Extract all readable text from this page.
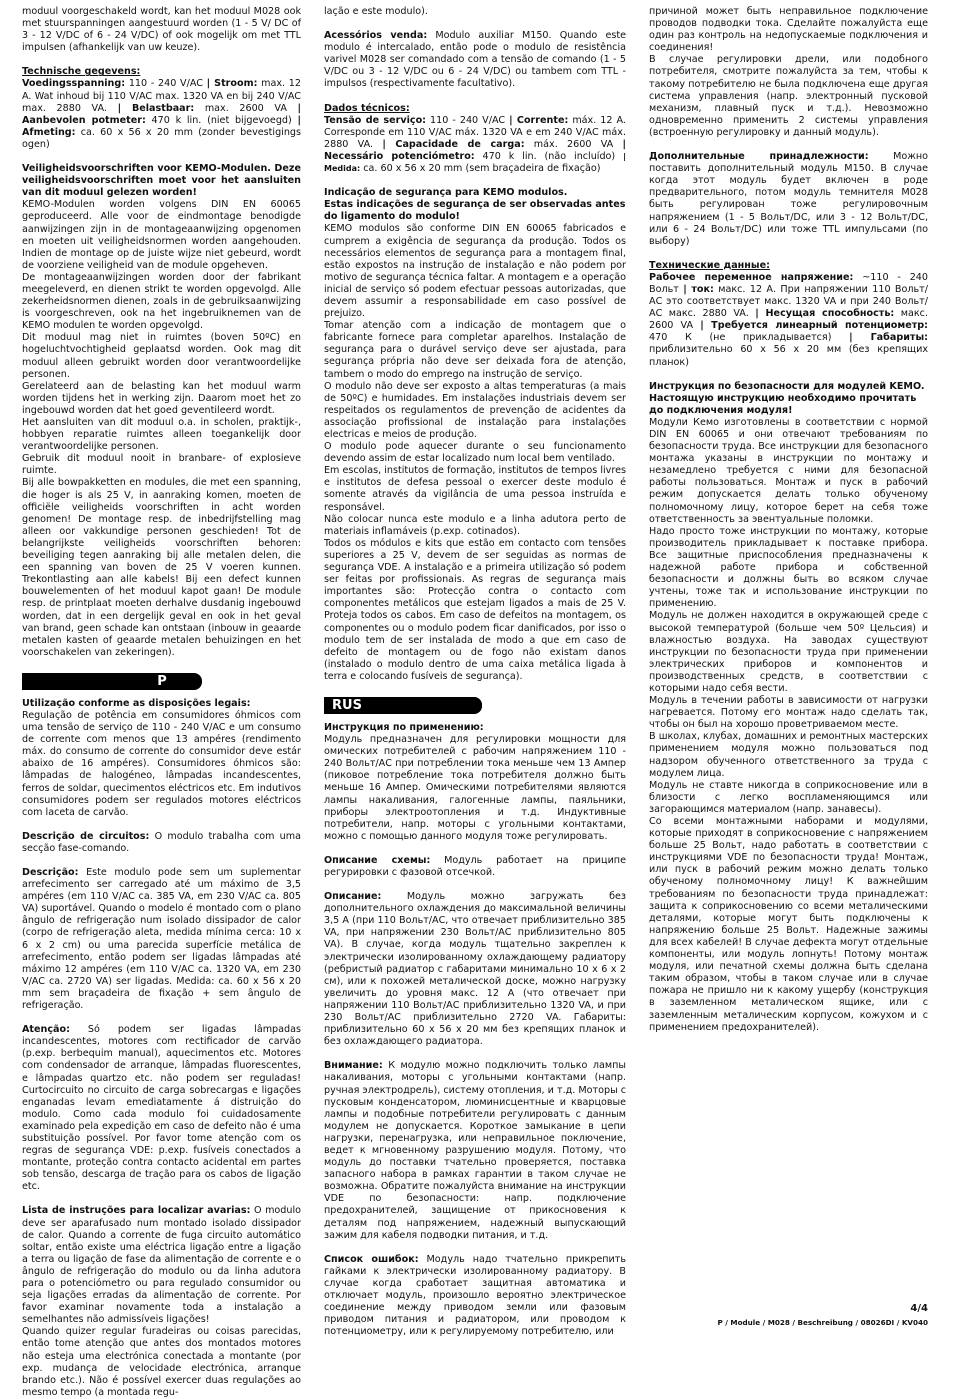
moduul voorgeschakeld wordt, kan het moduul M028 ook met stuurspanningen aangestuurd worden (1 - 5 V/ DC of 3 - 12 V/DC of 6 - 24 V/DC) of ook mogelijk om met TTL impulsen (afhankelijk van uw keuze).

Technische gegevens:

Voedingsspanning: 110 - 240 V/AC | Stroom: max. 12 A. Wat inhoud bij 110 V/AC max. 1320 VA en bij 240 V/AC max. 2880 VA. | Belastbaar: max. 2600 VA | Aanbevolen potmeter: 470 k lin. (niet bijgevoegd) | Afmeting: ca. 60 x 56 x 20 mm (zonder bevestigings ogen)

Veiligheidsvoorschriften voor KEMO-Modulen. Deze veiligheidsvoorschriften moet voor het aansluiten van dit moduul gelezen worden!

KEMO-Modulen worden volgens DIN EN 60065 geproduceerd. Alle voor de eindmontage benodigde aanwijzingen zijn in de montageaanwijzing opgenomen en moeten uit veiligheidsnormen worden aangehouden. Indien de montage op de juiste wijze niet gebeurd, wordt de voorziene veiligheid van de module opgeheven.

De montageaanwijzingen worden door der fabrikant meegeleverd, en dienen strikt te worden opgevolgd. Alle zekerheidsnormen dienen, zoals in de gebruiksaanwijzing is voorgeschreven, ook na het ingebruiknemen van de KEMO modulen te worden opgevolgd.

Dit moduul mag niet in ruimtes (boven 50ºC) en hogeluchtvochtigheid geplaatsd worden. Ook mag dit moduul alleen gebruikt worden door verantwoordelijke personen.

Gerelateerd aan de belasting kan het moduul warm worden tijdens het in werking zijn. Daarom moet het zo ingebouwd worden dat het goed geventileerd wordt.

Het aansluiten van dit moduul o.a. in scholen, praktijk-, hobbyen reparatie ruimtes alleen toegankelijk door verantwoordelijke personen.

Gebruik dit moduul nooit in branbare- of explosieve ruimte.

Bij alle bowpakketten en modules, die met een spanning, die hoger is als 25 V, in aanraking komen, moeten de officiële veiligheids voorschriften in acht worden genomen! De montage resp. de inbedrijfstelling mag alleen oor vakkundige personen geschieden! Tot de belangrijkste veiligheids voorschriften behoren: beveiliging tegen aanraking bij alle metalen delen, die een spanning van boven de 25 V voeren kunnen. Trekontlasting aan alle kabels! Bij een defect kunnen bouwelementen of het moduul kapot gaan! De module resp. de printplaat moeten derhalve dusdanig ingebouwd worden, dat in een dergelijk geval en ook in het geval van brand, geen schade kan ontstaan (inbouw in geaarde metalen kasten of geaarde metalen behuizingen en het voorschakelen van zekeringen).

P

Utilização conforme as disposições legais:

Regulação de potência em consumidores óhmicos com uma tensão de serviço de 110 - 240 V/AC e um consumo de corrente com menos que 13 ampéres (rendimento máx. do consumo de corrente do consumidor deve estár abaixo de 16 ampéres). Consumidores óhmicos são: lâmpadas de halogéneo, lâmpadas incandescentes, ferros de soldar, quecimentos eléctricos etc. Em indutivos consumidores podem ser regulados motores eléctricos com laceta de carvão.

Descrição de circuitos: O modulo trabalha com uma secção fase-comando.

Descrição: Este modulo pode sem um suplementar arrefecimento ser carregado até um máximo de 3,5 ampéres (em 110 V/AC ca. 385 VA, em 230 V/AC ca. 805 VA) suportável. Quando o modelo é montado com o plano ângulo de refrigeração num isolado dissipador de calor (corpo de refrigeração aleta, medida mínima cerca: 10 x 6 x 2 cm) ou uma parecida superfície metálica de arrefecimento, então podem ser ligadas lâmpadas até máximo 12 ampéres (em 110 V/AC ca. 1320 VA, em 230 V/AC ca. 2720 VA) ser ligadas. Medida: ca. 60 x 56 x 20 mm sem braçadeira de fixação + sem ângulo de refrigeração.

Atenção: Só podem ser ligadas lâmpadas incandescentes, motores com rectificador de carvão (p.exp. berbequim manual), aquecimentos etc. Motores com condensador de arranque, lâmpadas fluorescentes, e lâmpadas quartzo etc. não podem ser reguladas! Curtocircuito no circuito de carga sobrecargas e ligações enganadas levam emediatamente á distruição do modulo. Como cada modulo foi cuidadosamente examinado pela expedição em caso de defeito não é uma substituição possível. Por favor tome atenção com os regras de segurança VDE: p.exp. fusíveis conectados a montante, proteção contra contacto acidental em partes sob tensão, descarga de tração para os cabos de ligação etc.

Lista de instruções para localizar avarias: O modulo deve ser aparafusado num montado isolado dissipador de calor. Quando a corrente de fuga circuito automático soltar, então existe uma eléctrica ligação entre a ligação a terra ou ligação de fase da alimentação de corrente e o ângulo de refrigeração do modulo ou da linha adutora para o potenciómetro ou para regulado consumidor ou seja ligações erradas da alimentação de corrente. Por favor examinar novamente toda a instalação a semelhantes não admissíveis ligações!

Quando quizer regular furadeiras ou coisas parecidas, então tome atenção que antes dos montados motores não esteja uma electrónica conectada a montante (por exp. mudança de velocidade electrónica, arranque brando etc.). Não é possível exercer duas regulações ao mesmo tempo (a montada regu-

lação e este modulo).

Acessórios venda: Modulo auxiliar M150. Quando este modulo é intercalado, então pode o modulo de resistência varivel M028 ser comandado com a tensão de comando (1 - 5 V/DC ou 3 - 12 V/DC ou 6 - 24 V/DC) ou tambem com TTL - impulsos (respectivamente facultativo).

Dados técnicos:

Tensão de serviço: 110 - 240 V/AC | Corrente: máx. 12 A. Corresponde em 110 V/AC máx. 1320 VA e em 240 V/AC máx. 2880 VA. | Capacidade de carga: máx. 2600 VA | Necessário potenciómetro: 470 k lin. (não incluído) | Medida: ca. 60 x 56 x 20 mm (sem braçadeira de fixação)

Indicação de segurança para KEMO modulos.

Estas indicações de segurança de ser observadas antes do ligamento do modulo!

KEMO modulos são conforme DIN EN 60065 fabricados e cumprem a exigência de segurança da produção. Todos os necessários elementos de segurança para a montagem final, estão expostos na instrução de instalação e não podem por motivo de segurança técnica faltar. A montagem e a operação inicial de serviço só podem efectuar pessoas autorizadas, que devem assumir a responsabilidade em caso possível de prejuizo.

Tomar atenção com a indicação de montagem que o fabricante fornece para completar aparelhos. Instalação de segurança para o durável serviço deve ser ajustada, para segurança própria não deve ser deixada fora de atenção, tambem o modo do emprego na instrução de serviço.

O modulo não deve ser exposto a altas temperaturas (a mais de 50ºC) e humidades. Em instalações industriais devem ser respeitados os regulamentos de prevenção de acidentes da associação profissional de instalação para instalações electricas e meios de produção.

O modulo pode aquecer durante o seu funcionamento devendo assim de estar localizado num local bem ventilado.

Em escolas, institutos de formação, institutos de tempos livres e institutos de defesa pessoal o exercer deste modulo é somente através da vigilância de uma pessoa instruída e responsável.

Não colocar nunca este modulo e a linha adutora perto de materiais inflamáveis (p.exp. cotinados).

Todos os módulos e kits que estão em contacto com tensões superiores a 25 V, devem de ser seguidas as normas de segurança VDE. A instalação e a primeira utilização só podem ser feitas por profissionais. As regras de segurança mais importantes são: Protecção contra o contacto com componentes metálicos que estejam ligados a mais de 25 V. Proteja todos os cabos. Em caso de defeitos na montagem, os componentes ou o modulo podem ficar danificados, por isso o modulo tem de ser instalada de modo a que em caso de defeito de montagem ou de fogo não existam danos (instalado o modulo dentro de uma caixa metálica ligada à terra e colocando fusíveis de segurança).

RUS

Инструкция по применению:

Модуль предназначен для регулировки мощности для омических потребителей с рабочим напряжением 110 - 240 Вольт/АС при потреблении тока меньше чем 13 Ампер (пиковое потребление тока потребителя должно быть меньше 16 Ампер. Омическими потребителями являются лампы накаливания, галогенные лампы, паяльники, приборы электроотопления и т.д. Индуктивные потребители, напр. моторы с угольными контактами, можно с помощью данного модуля тоже регулировать.

Описание схемы: Модуль работает на приципе регурировки с фазовой отсечкой.

Описание: Модуль можно загружать без дополнительного охлаждения до максимальной величины 3,5 А (при 110 Вольт/АС, что отвечает приблизительно 385 VA, при напряжении 230 Вольт/АС приблизительно 805 VA). В случае, когда модуль тщательно закреплен к электрически изолированному охлаждающему радиатору (ребристый радиатор с габаритами минимально 10 х 6 х 2 см), или к похожей металической доске, можно нагрузку увеличить до уровня макс. 12 А (что отвечает при напряжении 110 Вольт/АС приблизительно 1320 VA, и при 230 Вольт/АС приблизительно 2720 VA. Габариты: приблизительно 60 х 56 х 20 мм без крепящих планок и без охлаждающего радиатора.

Внимание: К модулю можно подключить только лампы накаливания, моторы с угольными контактами (напр. ручная электродрель), систему отопления, и т.д. Моторы с пусковым конденсатором, люминисцентные и кварцовые лампы и подобные потребители регулировать с данным модулем не допускается. Короткое замыкание в цепи нагрузки, перенагрузка, или неправильное поключение, ведет к мгновенному разрушению модуля. Потому, что модуль до поставки тчательно проверяется, поставка запасного набора в рамках гарантии в таком случае не возможна. Обратите пожалуйста внимание на инструкции VDE по безопасности: напр. подключение предохранителей, защищение от прикосновения к деталям под напряжением, надежный выпускающий зажим для кабеля подводки питания, и т.д.

Список ошибок: Модуль надо тчательно прикрепить гайками к электрически изолированному радиатору. В случае когда сработает защитная автоматика и отключает модуль, произошло вероятно электрическое соединение между приводом земли или фазовым приводом питания и радиатором, или проводом к потенциометру, или к регулируемому потребителю, или

причиной может быть неправильное подключение проводов подводки тока. Сделайте пожалуйста еще один раз контроль на недопускаемые подключения и соединения!

В случае регулировки дрели, или подобного потребителя, смотрите пожалуйста за тем, чтобы к такому потребителю не была подключена еще другая система управления (напр. электронный пусковой механизм, плавный пуск и т.д.). Невозможно одновременно применить 2 системы управления (встроенную регулировку и данный модуль).

Дополнительные принадлежности: Можно поставить дополнительный модуль М150. В случае когда этот модуль будет включен в роде предварительного, потом модуль темнителя М028 быть регулирован тоже регулировочным напряжением (1 - 5 Вольт/DC, или 3 - 12 Вольт/DC, или 6 - 24 Вольт/DC) или тоже TTL импульсами (по выбору)

Технические данные:

Рабочее переменное напряжение: ~110 - 240 Вольт | ток: макс. 12 А. При напряжении 110 Вольт/АС это соответствует макс. 1320 VA и при 240 Вольт/АС макс. 2880 VA. | Несущая способность: макс. 2600 VA | Требуется линеарный потенциометр: 470 К (не прикладывается) | Габариты: приблизительно 60 x 56 x 20 мм (без крепящих планок)

Инструкция по безопасности для модулей KEMO.

Настоящую инструкцию необходимо прочитать до подключения модуля!

Модули Кемо изготовлены в соответствии с нормой DIN EN 60065 и они отвечают требованиям по безопасности труда. Все инструкции для безопасного монтажа указаны в инструкции по монтажу и незамедлено требуется с ними для безопасной работы пользоваться. Монтаж и пуск в рабочий режим допускается делать только обученому полномочному лицу, которое берет на себя тоже ответственность за эвентуальные поломки.

Надо просто тоже инструкции по монтажу, которые производитель прикладывает к поставке прибора. Все защитные приспособления предназначены к надежной работе прибора и собственной безопасности и должны быть во всяком случае учтены, тоже так и использование инструкции по применению.

Модуль не должен находится в окружающей среде с высокой температурой (больше чем 50º Цельсия) и влажностью воздуха. На заводах существуют инструкции по безопасности труда при применении электрических приборов и компонентов и производственных средств, в соответствии с которыми надо себя вести.

Модуль в течении работы в зависимости от нагрузки нагревается. Потому его монтаж надо сделать так, чтобы он был на хорошо проветриваемом месте.

В школах, клубах, домашних и ремонтных мастерских применением модуля можно пользоваться под надзором обученного ответственного за труда с модулем лица.

Модуль не ставте никогда в соприкосновение или в близости с легко воспламеняющимся или загорающимся материалом (напр. занавесы).

Со всеми монтажными наборами и модулями, которые приходят в соприкосновение с напряжением больше 25 Вольт, надо работать в соответствии с инструкциями VDE по безопасности труда! Монтаж, или пуск в рабочий режим можно делать только обученому полномочному лицу! К важнейшим требованиям по безопасности труда принадлежат: защита к соприкосновению со всеми металическими деталями, которые могут быть подключены к напряжению больше 25 Вольт. Надежные зажимы для всех кабелей! В случае дефекта могут отдельные компоненты, или модуль лопнуть! Потому монтаж модуля, или печатной схемы должна быть сделана таким образом, чтобы в таком случае или в случае пожара не пришло ни к какому ущербу (конструкция в заземленном металическом ящике, или с заземленным металическим корпусом, кожухом и с применением предохранителей).

4/4
P / Module / M028 / Beschreibung / 08026DI / KV040
